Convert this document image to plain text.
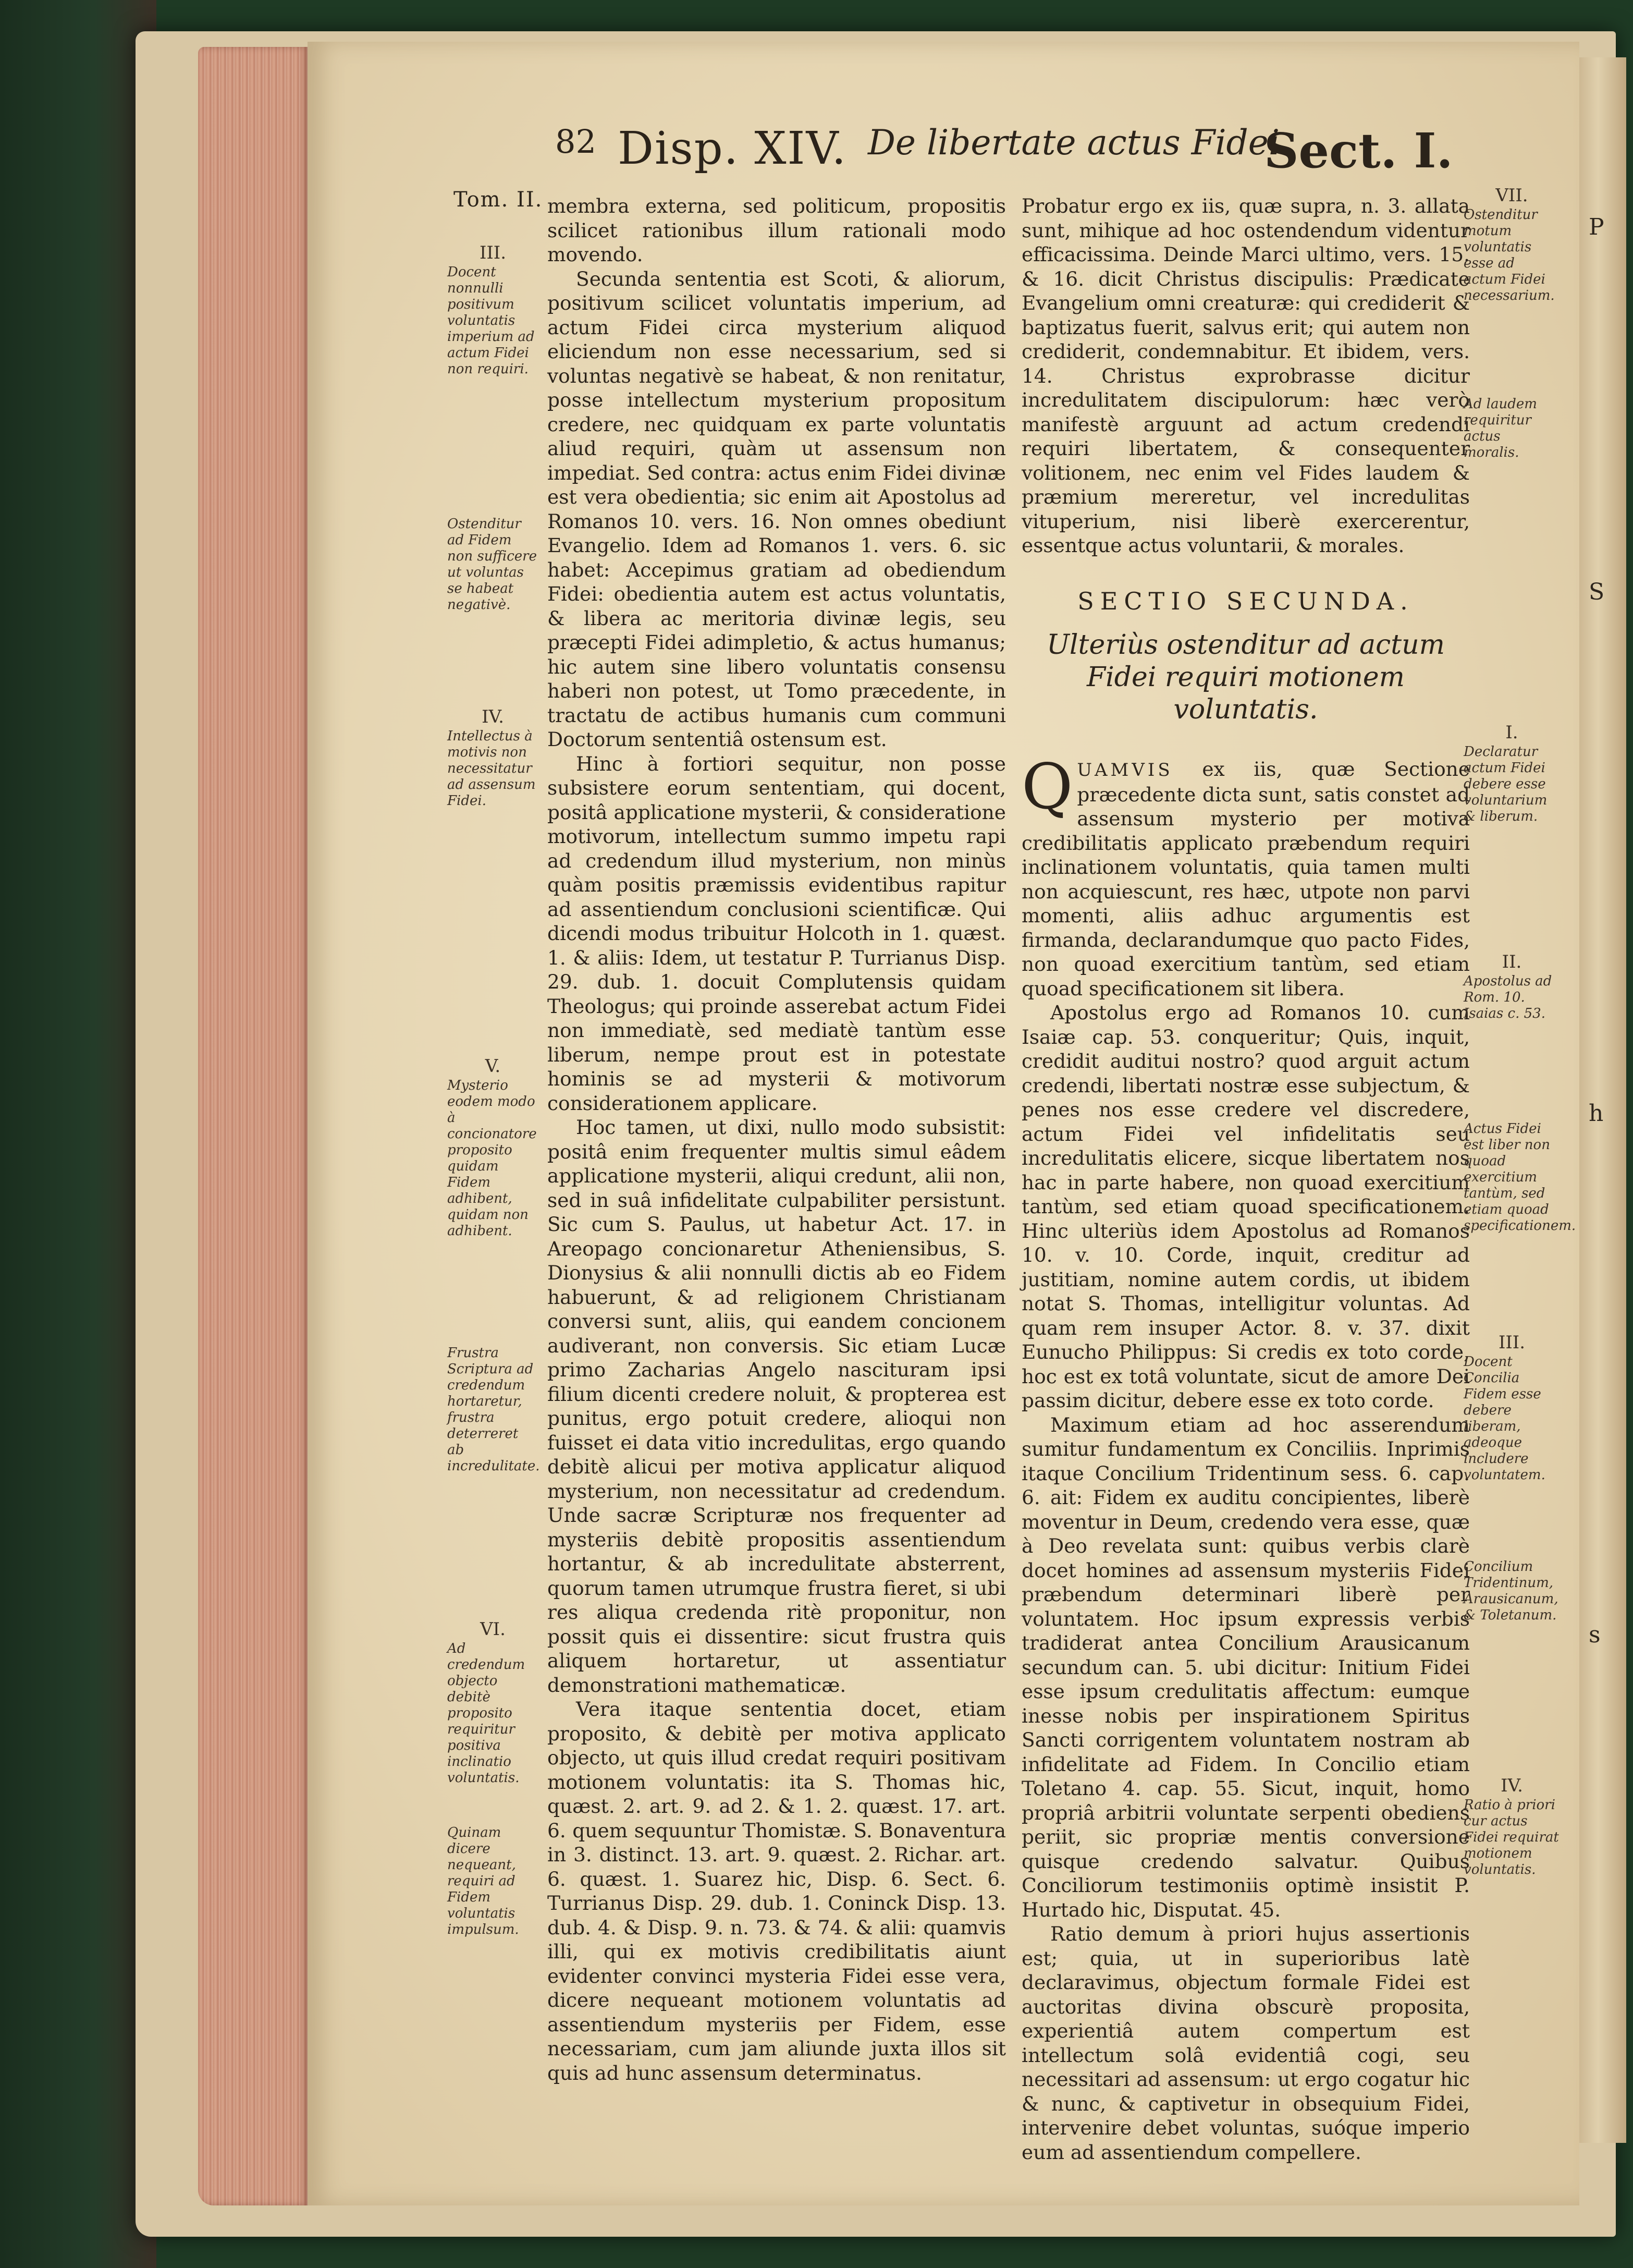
P
S
h
s
82 Disp. XIV. De libertate actus Fidei.
Sect. I.
Tom. II. membra externa, sed politicum, propositis scilicet rationibus illum rationali modo movendo.

Secunda sententia est Scoti, & aliorum, positivum scilicet voluntatis imperium, ad actum Fidei circa mysterium aliquod eliciendum non esse necessarium, sed si voluntas negativè se habeat, & non renitatur, posse intellectum mysterium propositum credere, nec quidquam ex parte voluntatis aliud requiri, quàm ut assensum non impediat. Sed contra: actus enim Fidei divinæ est vera obedientia; sic enim ait Apostolus ad Romanos 10. vers. 16. Non omnes obediunt Evangelio. Idem ad Romanos 1. vers. 6. sic habet: Accepimus gratiam ad obediendum Fidei: obedientia autem est actus voluntatis, & libera ac meritoria divinæ legis, seu præcepti Fidei adimpletio, & actus humanus; hic autem sine libero voluntatis consensu haberi non potest, ut Tomo præcedente, in tractatu de actibus humanis cum communi Doctorum sententiâ ostensum est.

Hinc à fortiori sequitur, non posse subsistere eorum sententiam, qui docent, positâ applicatione mysterii, & consideratione motivorum, intellectum summo impetu rapi ad credendum illud mysterium, non minùs quàm positis præmissis evidentibus rapitur ad assentiendum conclusioni scientificæ. Qui dicendi modus tribuitur Holcoth in 1. quæst. 1. & aliis: Idem, ut testatur P. Turrianus Disp. 29. dub. 1. docuit Complutensis quidam Theologus; qui proinde asserebat actum Fidei non immediatè, sed mediatè tantùm esse liberum, nempe prout est in potestate hominis se ad mysterii & motivorum considerationem applicare.

Hoc tamen, ut dixi, nullo modo subsistit: positâ enim frequenter multis simul eâdem applicatione mysterii, aliqui credunt, alii non, sed in suâ infidelitate culpabiliter persistunt. Sic cum S. Paulus, ut habetur Act. 17. in Areopago concionaretur Atheniensibus, S. Dionysius & alii nonnulli dictis ab eo Fidem habuerunt, & ad religionem Christianam conversi sunt, aliis, qui eandem concionem audiverant, non conversis. Sic etiam Lucæ primo Zacharias Angelo nascituram ipsi filium dicenti credere noluit, & propterea est punitus, ergo potuit credere, alioqui non fuisset ei data vitio incredulitas, ergo quando debitè alicui per motiva applicatur aliquod mysterium, non necessitatur ad credendum. Unde sacræ Scripturæ nos frequenter ad mysteriis debitè propositis assentiendum hortantur, & ab incredulitate absterrent, quorum tamen utrumque frustra fieret, si ubi res aliqua credenda ritè proponitur, non possit quis ei dissentire: sicut frustra quis aliquem hortaretur, ut assentiatur demonstrationi mathematicæ.

Vera itaque sententia docet, etiam proposito, & debitè per motiva applicato objecto, ut quis illud credat requiri positivam motionem voluntatis: ita S. Thomas hic, quæst. 2. art. 9. ad 2. & 1. 2. quæst. 17. art. 6. quem sequuntur Thomistæ. S. Bonaventura in 3. distinct. 13. art. 9. quæst. 2. Richar. art. 6. quæst. 1. Suarez hic, Disp. 6. Sect. 6. Turrianus Disp. 29. dub. 1. Coninck Disp. 13. dub. 4. & Disp. 9. n. 73. & 74. & alii: quamvis illi, qui ex motivis credibilitatis aiunt evidenter convinci mysteria Fidei esse vera, dicere nequeant motionem voluntatis ad assentiendum mysteriis per Fidem, esse necessariam, cum jam aliunde juxta illos sit quis ad hunc assensum determinatus.

Probatur ergo ex iis, quæ supra, n. 3. allata sunt, mihique ad hoc ostendendum videntur efficacissima. Deinde Marci ultimo, vers. 15. & 16. dicit Christus discipulis: Prædicate Evangelium omni creaturæ: qui crediderit & baptizatus fuerit, salvus erit; qui autem non crediderit, condemnabitur. Et ibidem, vers. 14. Christus exprobrasse dicitur incredulitatem discipulorum: hæc verò manifestè arguunt ad actum credendi requiri libertatem, & consequenter volitionem, nec enim vel Fides laudem & præmium mereretur, vel incredulitas vituperium, nisi liberè exercerentur, essentque actus voluntarii, & morales.

SECTIO SECUNDA.

Ulteriùs ostenditur ad actum Fidei requiri motionem voluntatis.

QUAMVIS ex iis, quæ Sectione præcedente dicta sunt, satis constet ad assensum mysterio per motiva credibilitatis applicato præbendum requiri inclinationem voluntatis, quia tamen multi non acquiescunt, res hæc, utpote non parvi momenti, aliis adhuc argumentis est firmanda, declarandumque quo pacto Fides, non quoad exercitium tantùm, sed etiam quoad specificationem sit libera.

Apostolus ergo ad Romanos 10. cum Isaiæ cap. 53. conqueritur; Quis, inquit, credidit auditui nostro? quod arguit actum credendi, libertati nostræ esse subjectum, & penes nos esse credere vel discredere, actum Fidei vel infidelitatis seu incredulitatis elicere, sicque libertatem nos hac in parte habere, non quoad exercitium tantùm, sed etiam quoad specificationem. Hinc ulteriùs idem Apostolus ad Romanos 10. v. 10. Corde, inquit, creditur ad justitiam, nomine autem cordis, ut ibidem notat S. Thomas, intelligitur voluntas. Ad quam rem insuper Actor. 8. v. 37. dixit Eunucho Philippus: Si credis ex toto corde, hoc est ex totâ voluntate, sicut de amore Dei passim dicitur, debere esse ex toto corde.

Maximum etiam ad hoc asserendum sumitur fundamentum ex Conciliis. Inprimis itaque Concilium Tridentinum sess. 6. cap. 6. ait: Fidem ex auditu concipientes, liberè moventur in Deum, credendo vera esse, quæ à Deo revelata sunt: quibus verbis clarè docet homines ad assensum mysteriis Fidei præbendum determinari liberè per voluntatem. Hoc ipsum expressis verbis tradiderat antea Concilium Arausicanum secundum can. 5. ubi dicitur: Initium Fidei esse ipsum credulitatis affectum: eumque inesse nobis per inspirationem Spiritus Sancti corrigentem voluntatem nostram ab infidelitate ad Fidem. In Concilio etiam Toletano 4. cap. 55. Sicut, inquit, homo propriâ arbitrii voluntate serpenti obediens periit, sic propriæ mentis conversione quisque credendo salvatur. Quibus Conciliorum testimoniis optimè insistit P. Hurtado hic, Disputat. 45.

Ratio demum à priori hujus assertionis est; quia, ut in superioribus latè declaravimus, objectum formale Fidei est auctoritas divina obscurè proposita, experientiâ autem compertum est intellectum solâ evidentiâ cogi, seu necessitari ad assensum: ut ergo cogatur hic & nunc, & captivetur in obsequium Fidei, intervenire debet voluntas, suóque imperio eum ad assentiendum compellere.

III.
Docent nonnulli positivum voluntatis imperium ad actum Fidei non requiri.
Ostenditur ad Fidem non sufficere ut voluntas se habeat negativè.
IV.
Intellectus à motivis non necessitatur ad assensum Fidei.
V.
Mysterio eodem modo à concionatore proposito quidam Fidem adhibent, quidam non adhibent.
Frustra Scriptura ad credendum hortaretur, frustra deterreret ab incredulitate.
VI.
Ad credendum objecto debitè proposito requiritur positiva inclinatio voluntatis.
Quinam dicere nequeant, requiri ad Fidem voluntatis impulsum.
VII.
Ostenditur motum voluntatis esse ad actum Fidei necessarium.
Ad laudem requiritur actus moralis.
I.
Declaratur actum Fidei debere esse voluntarium & liberum.
II.
Apostolus ad Rom. 10. Isaias c. 53.
Actus Fidei est liber non quoad exercitium tantùm, sed etiam quoad specificationem.
III.
Docent Concilia Fidem esse debere liberam, adeoque includere voluntatem.
Concilium Tridentinum, Arausicanum, & Toletanum.
IV.
Ratio à priori cur actus Fidei requirat motionem voluntatis.
